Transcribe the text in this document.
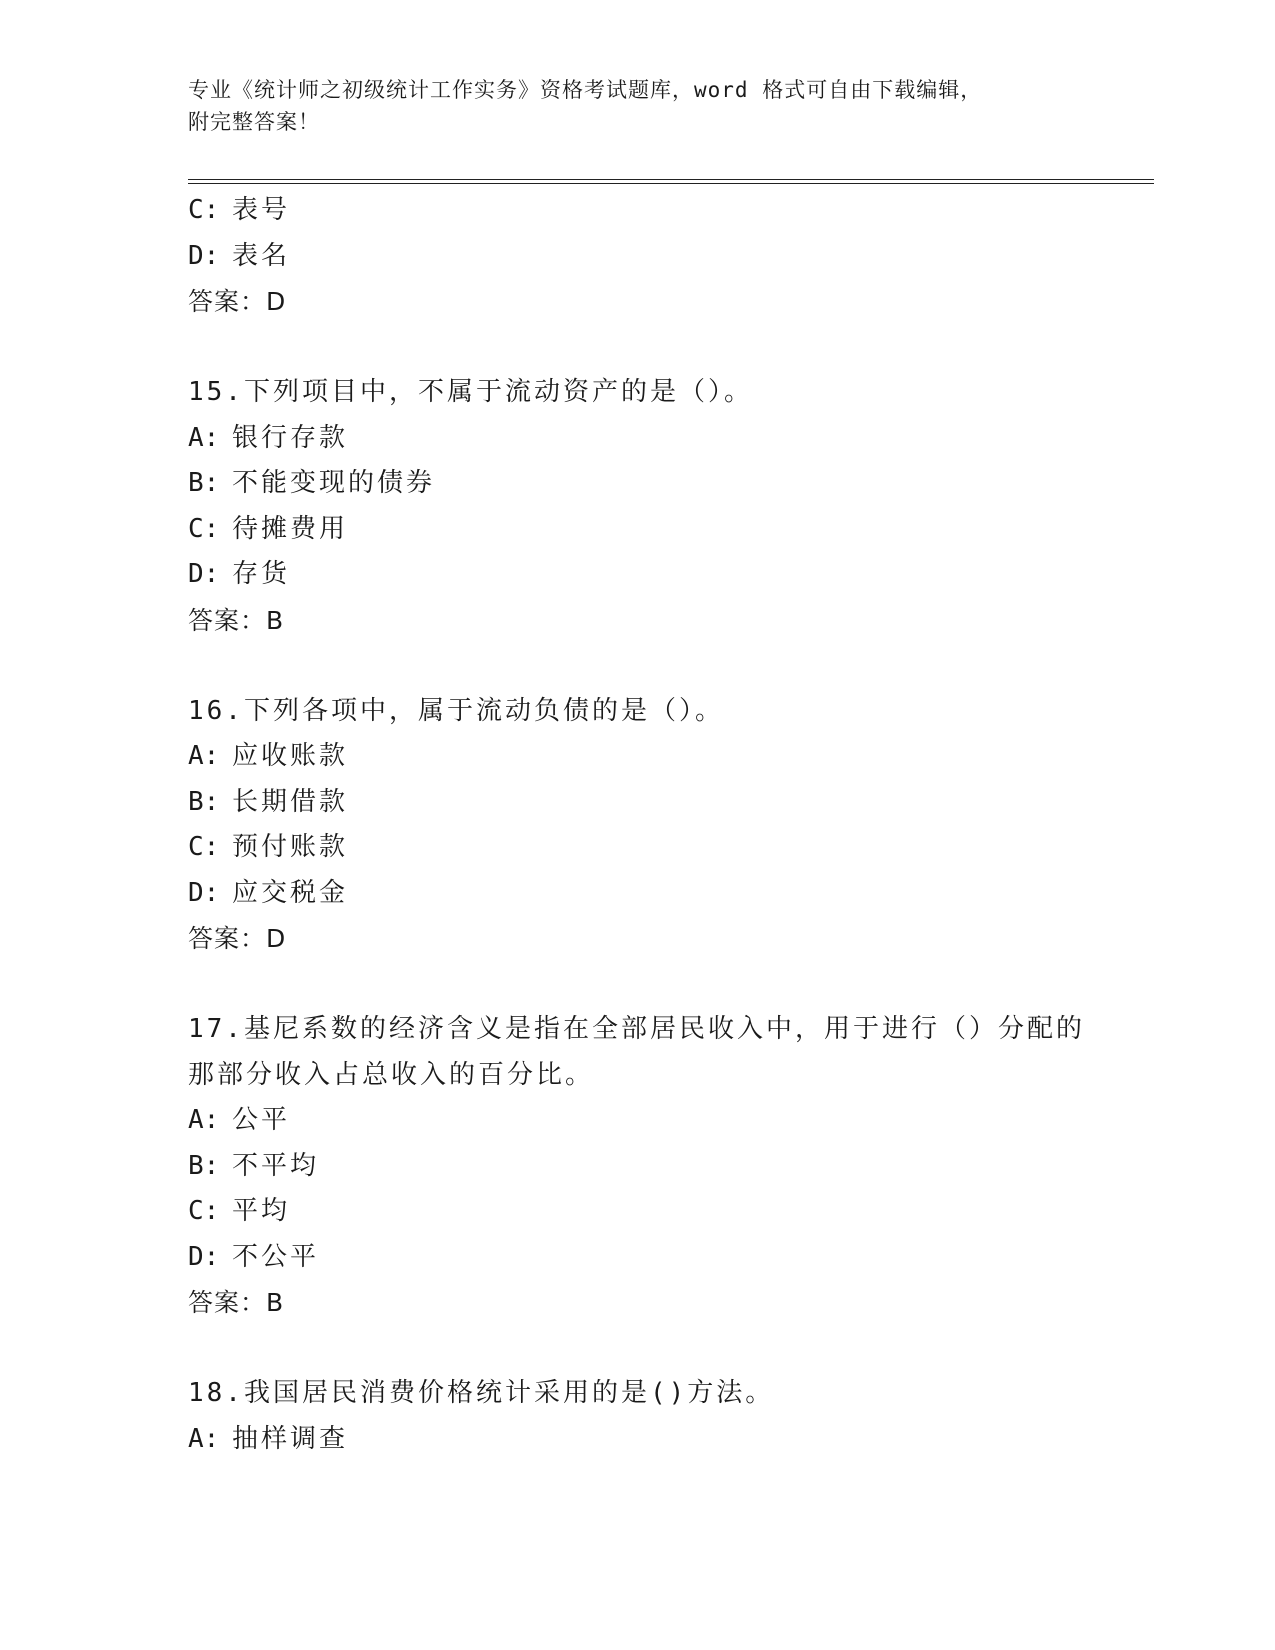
专业《统计师之初级统计工作实务》资格考试题库，word 格式可自由下载编辑，
附完整答案！
C: 表号
D: 表名
答案：D
15.下列项目中，不属于流动资产的是（）。
A: 银行存款
B: 不能变现的债券
C: 待摊费用
D: 存货
答案：B
16.下列各项中，属于流动负债的是（）。
A: 应收账款
B: 长期借款
C: 预付账款
D: 应交税金
答案：D
17.基尼系数的经济含义是指在全部居民收入中，用于进行（）分配的
那部分收入占总收入的百分比。
A: 公平
B: 不平均
C: 平均
D: 不公平
答案：B
18.我国居民消费价格统计采用的是()方法。
A: 抽样调查
